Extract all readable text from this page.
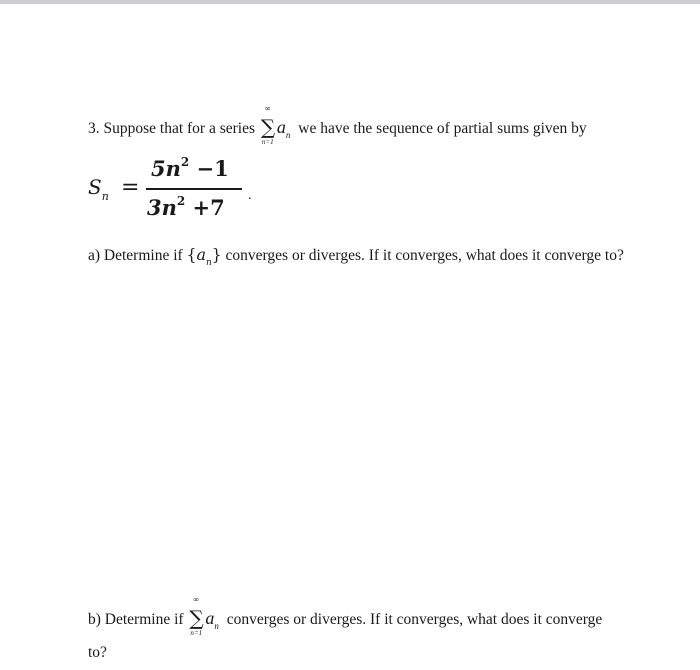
3. Suppose that for a series
∞
∑
n=1
$a_n$ we have the sequence of partial sums given by
$S_n$ =
$5n^2 -1$
$3n^2 +7$ .
a) Determine if $\{a_n\}$ converges or diverges. If it converges, what does it converge to?
b) Determine if
∞
∑
n=1
$a_n$ converges or diverges. If it converges, what does it converge
to?
